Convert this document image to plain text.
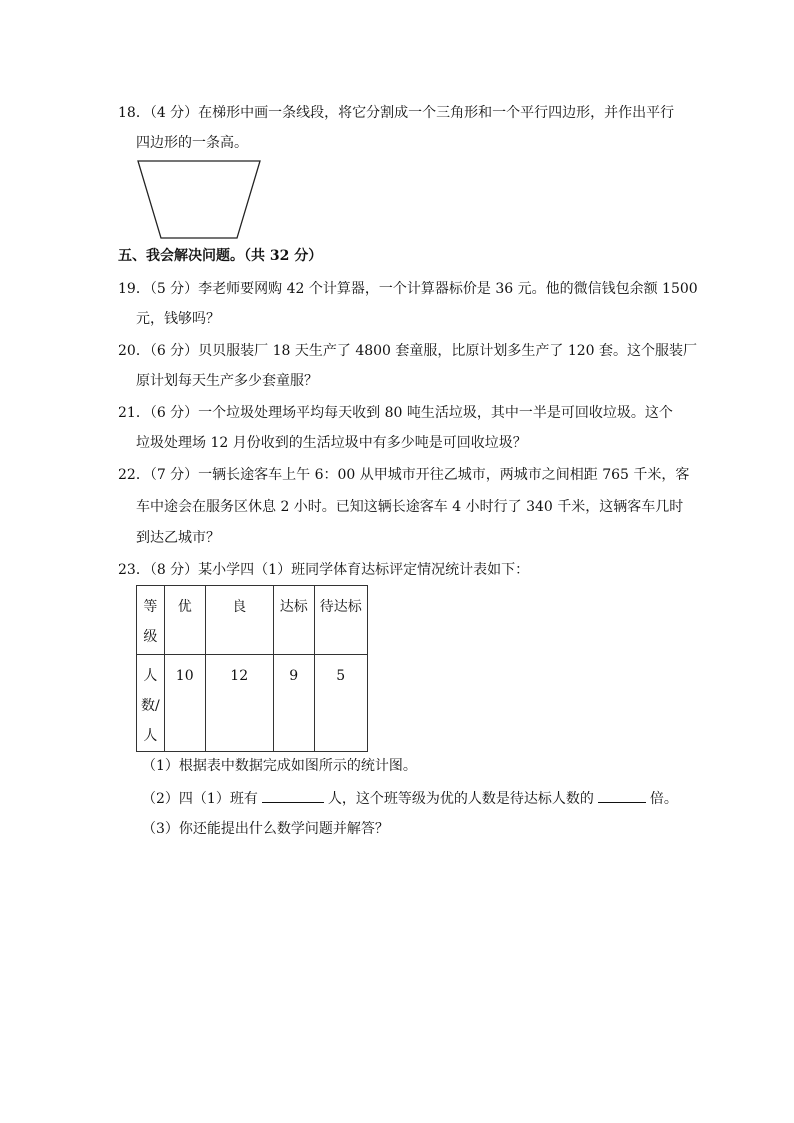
18．（4 分）在梯形中画一条线段，将它分割成一个三角形和一个平行四边形，并作出平行
四边形的一条高。
五、我会解决问题。（共 32 分）
19．（5 分）李老师要网购 42 个计算器，一个计算器标价是 36 元。他的微信钱包余额 1500
元，钱够吗？
20．（6 分）贝贝服装厂 18 天生产了 4800 套童服，比原计划多生产了 120 套。这个服装厂
原计划每天生产多少套童服？
21．（6 分）一个垃圾处理场平均每天收到 80 吨生活垃圾，其中一半是可回收垃圾。这个
垃圾处理场 12 月份收到的生活垃圾中有多少吨是可回收垃圾？
22．（7 分）一辆长途客车上午 6：00 从甲城市开往乙城市，两城市之间相距 765 千米，客
车中途会在服务区休息 2 小时。已知这辆长途客车 4 小时行了 340 千米，这辆客车几时
到达乙城市？
23．（8 分）某小学四（1）班同学体育达标评定情况统计表如下：
等级	优	良	达标	待达标
人数/人	10	12	9	5
（1）根据表中数据完成如图所示的统计图。
（2）四（1）班有	人，这个班等级为优的人数是待达标人数的	倍。
（3）你还能提出什么数学问题并解答？
